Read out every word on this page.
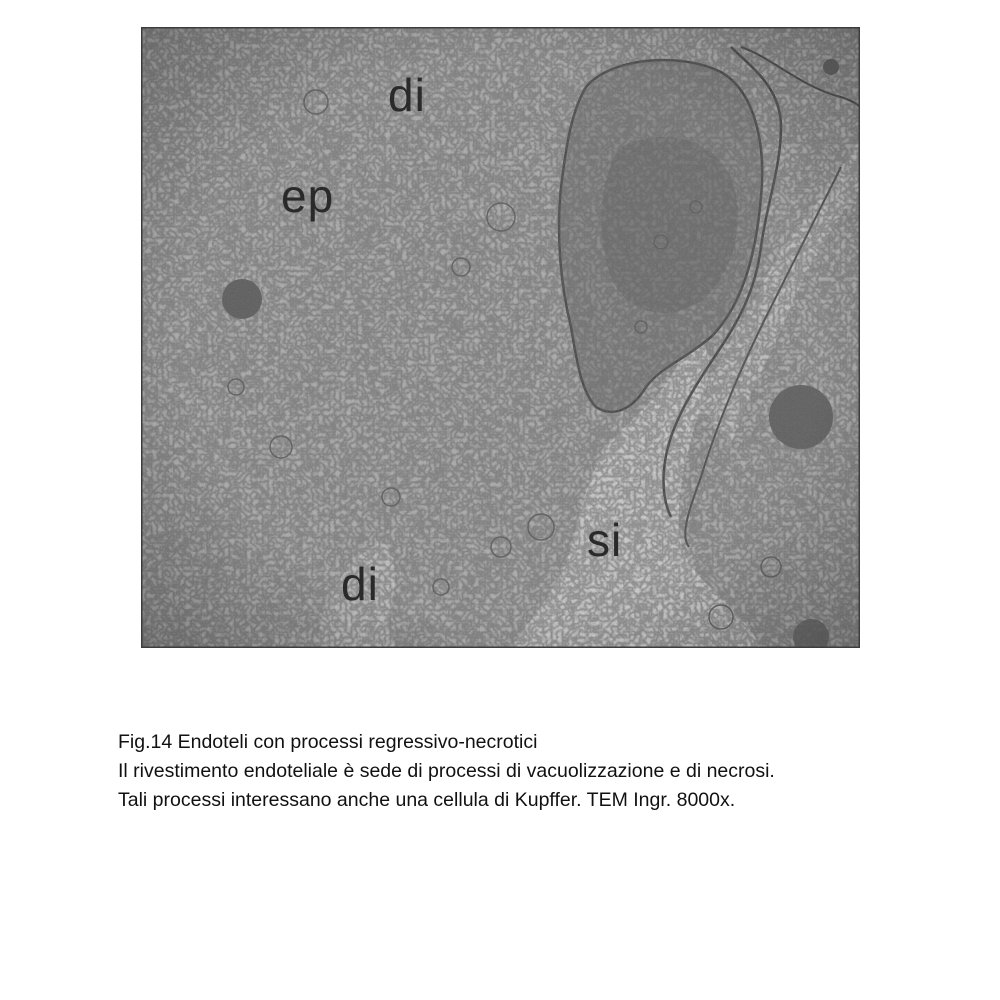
ep
di
di
si
Fig.14 Endoteli con processi regressivo-necrotici
Il rivestimento endoteliale è sede di processi di vacuolizzazione e di necrosi.
Tali processi interessano anche una cellula di Kupffer. TEM Ingr. 8000x.
